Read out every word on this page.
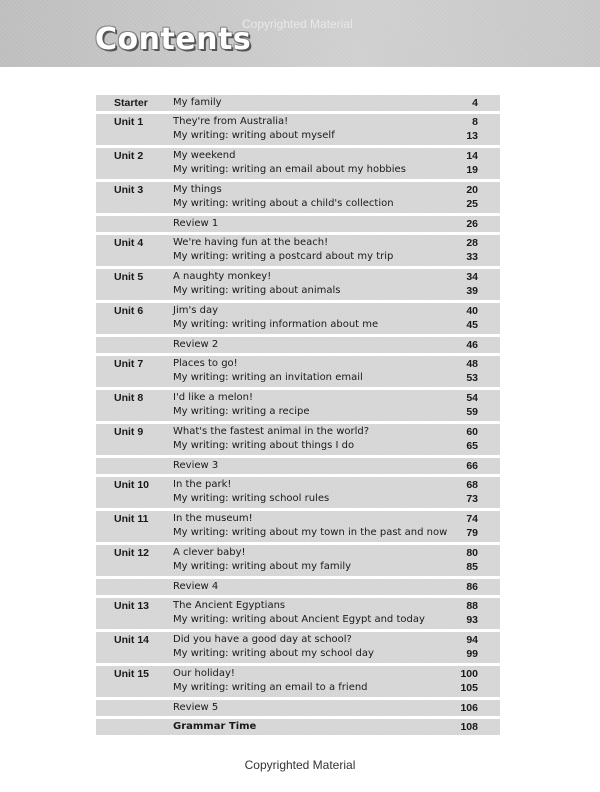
Contents
Copyrighted Material
Starter	My family	4
Unit 1	They're from Australia!	8
My writing: writing about myself	13
Unit 2	My weekend	14
My writing: writing an email about my hobbies	19
Unit 3	My things	20
My writing: writing about a child's collection	25
Review 1	26
Unit 4	We're having fun at the beach!	28
My writing: writing a postcard about my trip	33
Unit 5	A naughty monkey!	34
My writing: writing about animals	39
Unit 6	Jim's day	40
My writing: writing information about me	45
Review 2	46
Unit 7	Places to go!	48
My writing: writing an invitation email	53
Unit 8	I'd like a melon!	54
My writing: writing a recipe	59
Unit 9	What's the fastest animal in the world?	60
My writing: writing about things I do	65
Review 3	66
Unit 10 In the park!	68
My writing: writing school rules	73
Unit 11 In the museum!	74
My writing: writing about my town in the past and now	79
Unit 12 A clever baby!	80
My writing: writing about my family	85
Review 4	86
Unit 13 The Ancient Egyptians	88
My writing: writing about Ancient Egypt and today	93
Unit 14 Did you have a good day at school?	94
My writing: writing about my school day	99
Unit 15 Our holiday!	100
My writing: writing an email to a friend	105
Review 5	106
Grammar Time	108
Copyrighted Material
